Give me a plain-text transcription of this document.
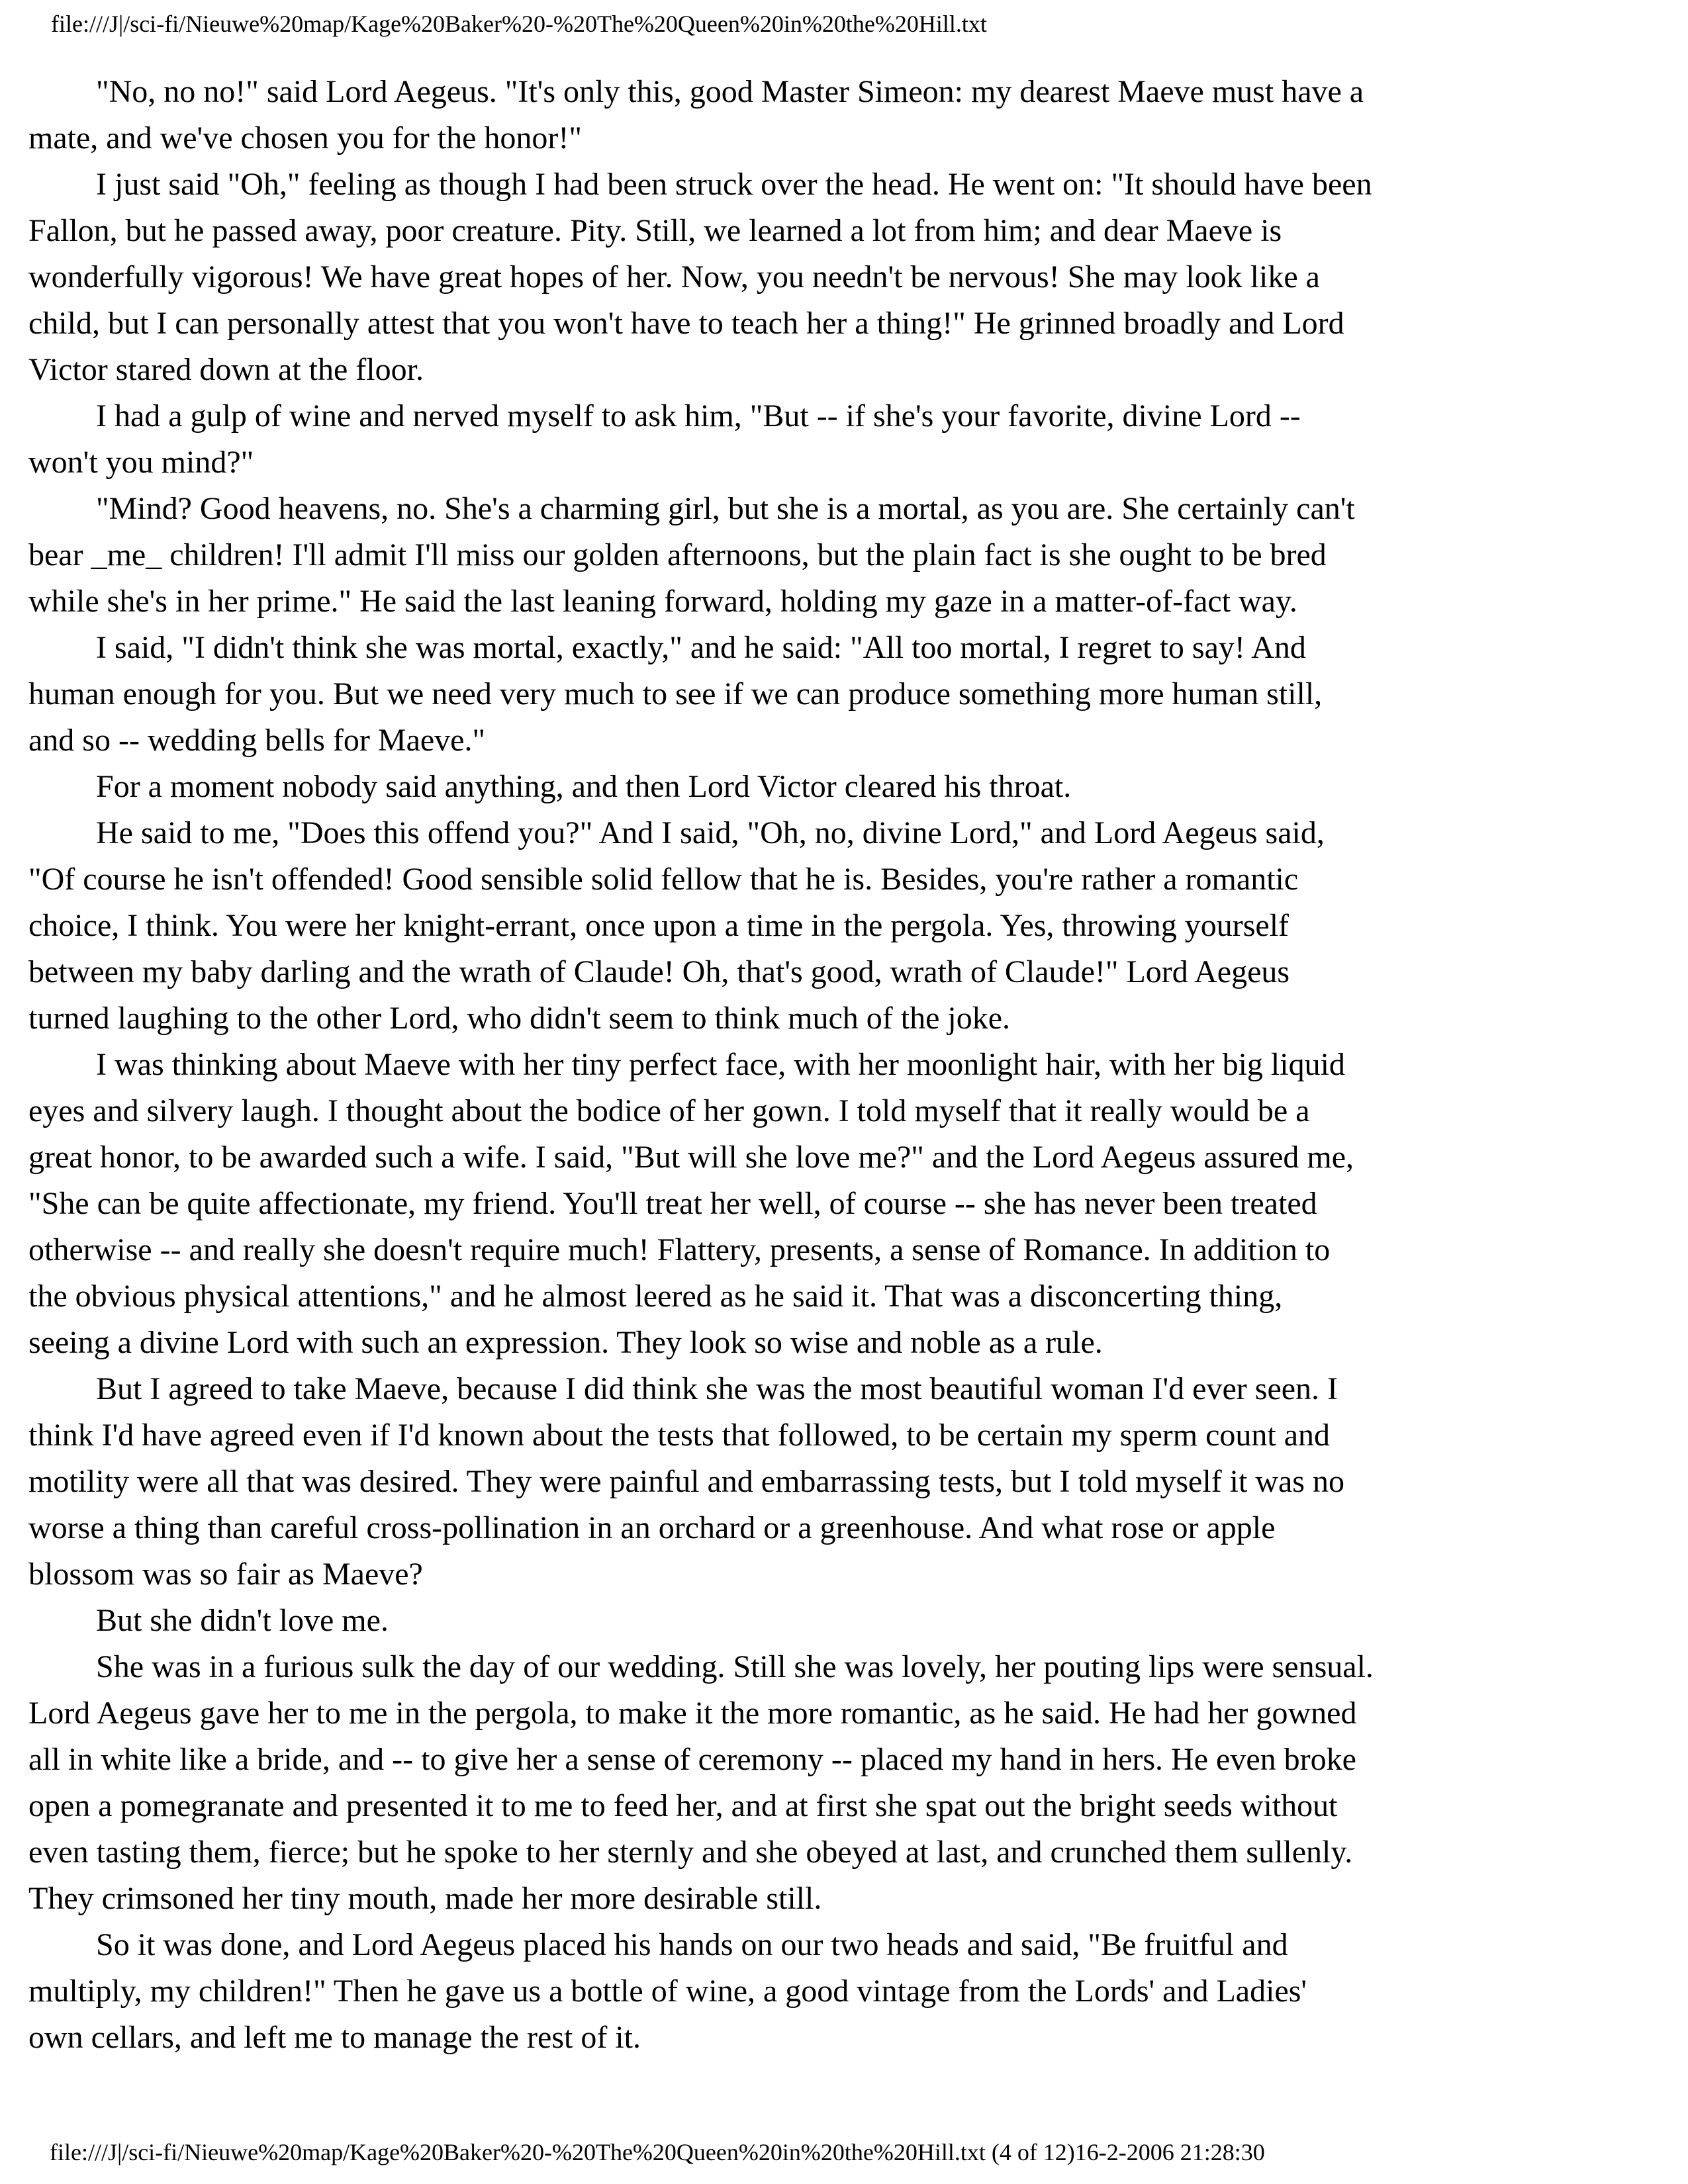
file:///J|/sci-fi/Nieuwe%20map/Kage%20Baker%20-%20The%20Queen%20in%20the%20Hill.txt

"No, no no!" said Lord Aegeus. "It's only this, good Master Simeon: my dearest Maeve must have a
mate, and we've chosen you for the honor!"

I just said "Oh," feeling as though I had been struck over the head. He went on: "It should have been
Fallon, but he passed away, poor creature. Pity. Still, we learned a lot from him; and dear Maeve is
wonderfully vigorous! We have great hopes of her. Now, you needn't be nervous! She may look like a
child, but I can personally attest that you won't have to teach her a thing!" He grinned broadly and Lord
Victor stared down at the floor.

I had a gulp of wine and nerved myself to ask him, "But -- if she's your favorite, divine Lord --
won't you mind?"

"Mind? Good heavens, no. She's a charming girl, but she is a mortal, as you are. She certainly can't
bear _me_ children! I'll admit I'll miss our golden afternoons, but the plain fact is she ought to be bred
while she's in her prime." He said the last leaning forward, holding my gaze in a matter-of-fact way.

I said, "I didn't think she was mortal, exactly," and he said: "All too mortal, I regret to say! And
human enough for you. But we need very much to see if we can produce something more human still,
and so -- wedding bells for Maeve."

For a moment nobody said anything, and then Lord Victor cleared his throat.

He said to me, "Does this offend you?" And I said, "Oh, no, divine Lord," and Lord Aegeus said,
"Of course he isn't offended! Good sensible solid fellow that he is. Besides, you're rather a romantic
choice, I think. You were her knight-errant, once upon a time in the pergola. Yes, throwing yourself
between my baby darling and the wrath of Claude! Oh, that's good, wrath of Claude!" Lord Aegeus
turned laughing to the other Lord, who didn't seem to think much of the joke.

I was thinking about Maeve with her tiny perfect face, with her moonlight hair, with her big liquid
eyes and silvery laugh. I thought about the bodice of her gown. I told myself that it really would be a
great honor, to be awarded such a wife. I said, "But will she love me?" and the Lord Aegeus assured me,
"She can be quite affectionate, my friend. You'll treat her well, of course -- she has never been treated
otherwise -- and really she doesn't require much! Flattery, presents, a sense of Romance. In addition to
the obvious physical attentions," and he almost leered as he said it. That was a disconcerting thing,
seeing a divine Lord with such an expression. They look so wise and noble as a rule.

But I agreed to take Maeve, because I did think she was the most beautiful woman I'd ever seen. I
think I'd have agreed even if I'd known about the tests that followed, to be certain my sperm count and
motility were all that was desired. They were painful and embarrassing tests, but I told myself it was no
worse a thing than careful cross-pollination in an orchard or a greenhouse. And what rose or apple
blossom was so fair as Maeve?

But she didn't love me.

She was in a furious sulk the day of our wedding. Still she was lovely, her pouting lips were sensual.
Lord Aegeus gave her to me in the pergola, to make it the more romantic, as he said. He had her gowned
all in white like a bride, and -- to give her a sense of ceremony -- placed my hand in hers. He even broke
open a pomegranate and presented it to me to feed her, and at first she spat out the bright seeds without
even tasting them, fierce; but he spoke to her sternly and she obeyed at last, and crunched them sullenly.
They crimsoned her tiny mouth, made her more desirable still.

So it was done, and Lord Aegeus placed his hands on our two heads and said, "Be fruitful and
multiply, my children!" Then he gave us a bottle of wine, a good vintage from the Lords' and Ladies'
own cellars, and left me to manage the rest of it.

file:///J|/sci-fi/Nieuwe%20map/Kage%20Baker%20-%20The%20Queen%20in%20the%20Hill.txt (4 of 12)16-2-2006 21:28:30
